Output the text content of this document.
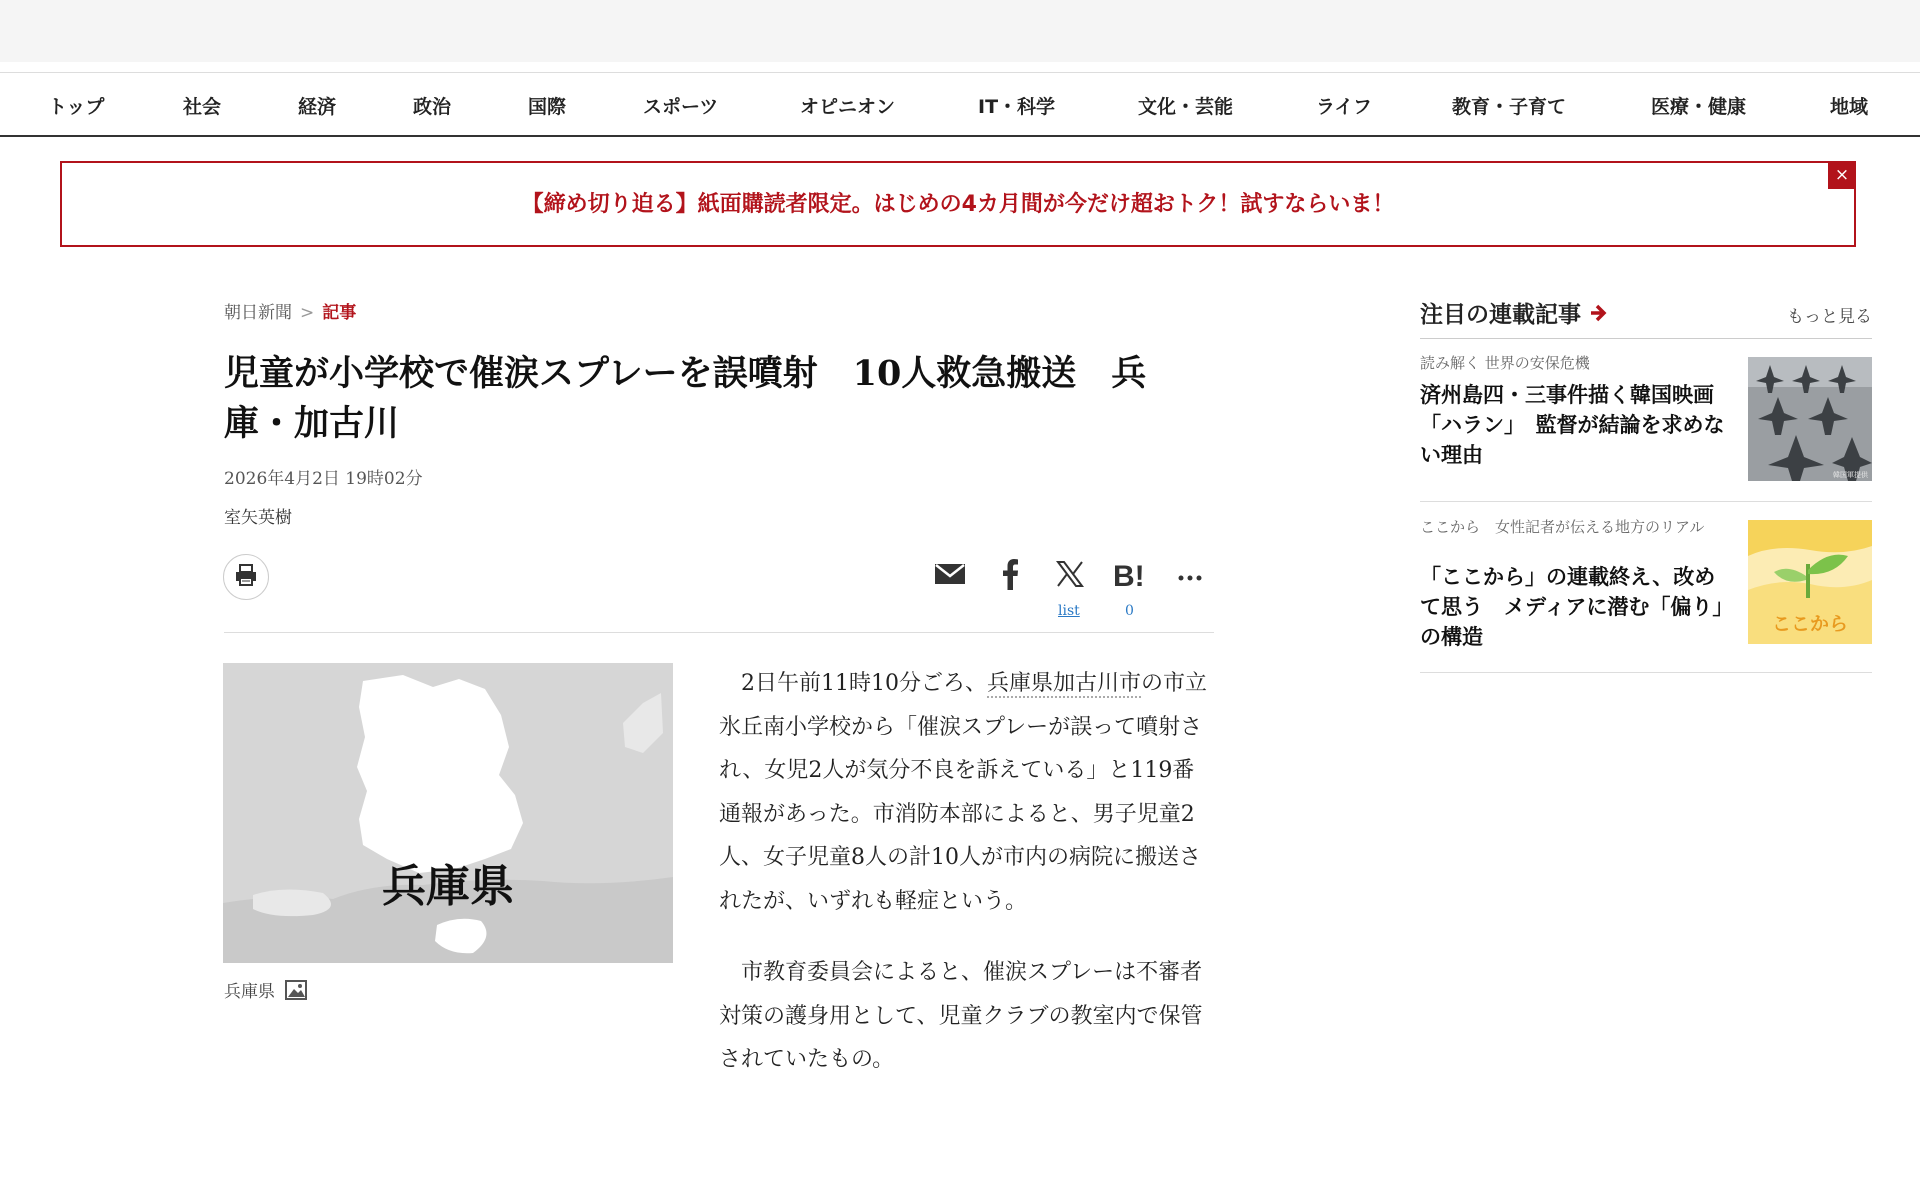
トップ	社会	経済	政治	国際	スポーツ	オピニオン	IT・科学	文化・芸能	ライフ	教育・子育て	医療・健康	地域
【締め切り迫る】紙面購読者限定。はじめの4カ月間が今だけ超おトク！試すならいま！
×
朝日新聞 > 記事
児童が小学校で催涙スプレーを誤噴射　10人救急搬送　兵庫・加古川
2026年4月2日 19時02分
室矢英樹
list
B!
0
兵庫県
兵庫県

2日午前11時10分ごろ、兵庫県加古川市の市立氷丘南小学校から「催涙スプレーが誤って噴射され、女児2人が気分不良を訴えている」と119番通報があった。市消防本部によると、男子児童2人、女子児童8人の計10人が市内の病院に搬送されたが、いずれも軽症という。

市教育委員会によると、催涙スプレーは不審者対策の護身用として、児童クラブの教室内で保管されていたもの。

注目の連載記事	もっと見る
読み解く 世界の安保危機
済州島四・三事件描く韓国映画「ハラン」　監督が結論を求めない理由
韓国軍提供
ここから　女性記者が伝える地方のリアル
「ここから」の連載終え、改めて思う　メディアに潜む「偏り」の構造	ここから
